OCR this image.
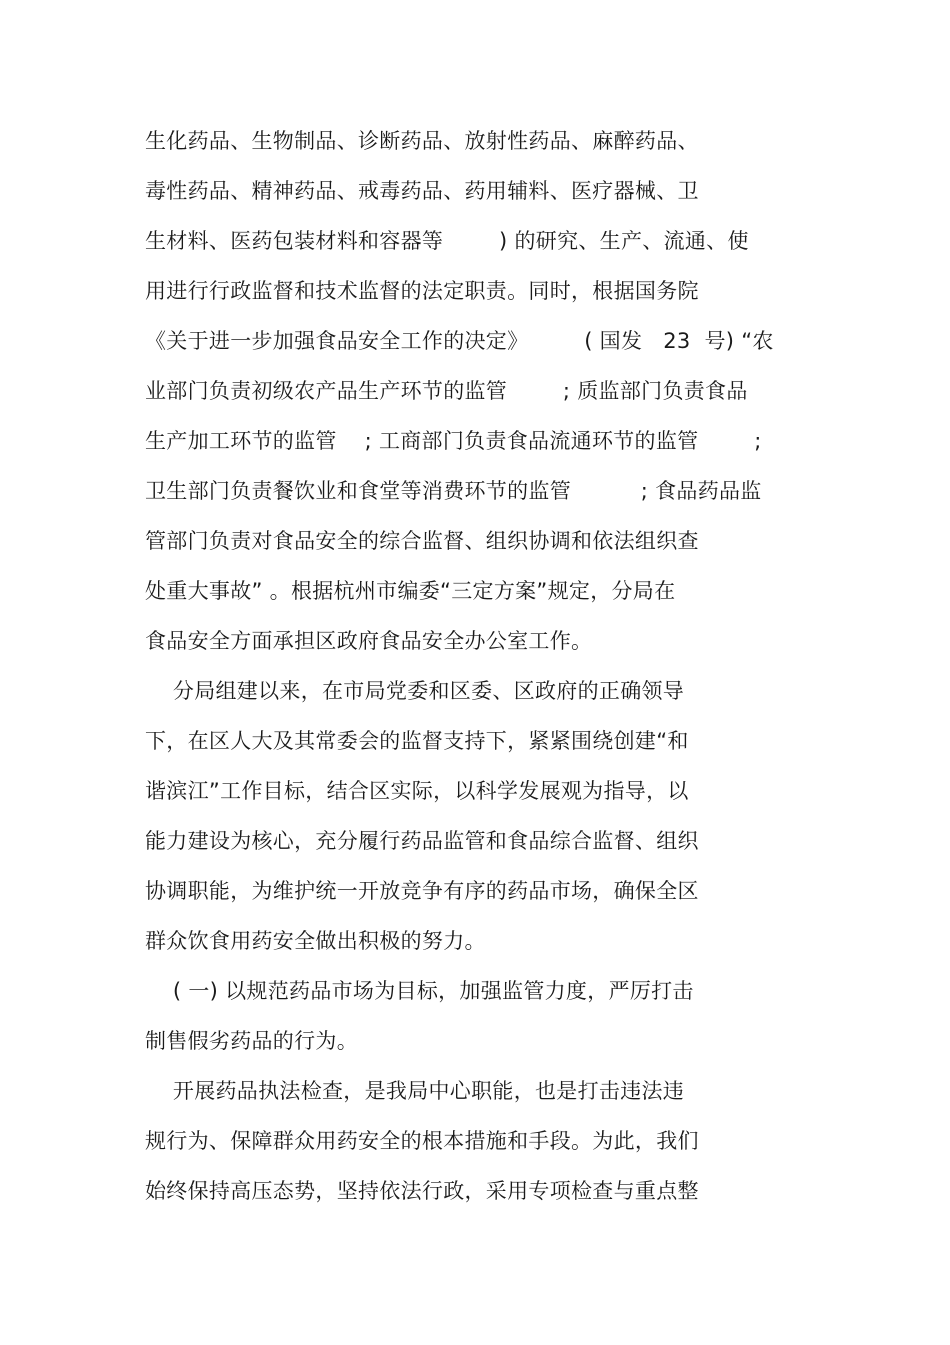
生化药品、生物制品、诊断药品、放射性药品、麻醉药品、
毒性药品、精神药品、戒毒药品、药用辅料、医疗器械、卫
生材料、医药包装材料和容器等        ) 的研究、生产、流通、使
用进行行政监督和技术监督的法定职责。同时，根据国务院
《关于进一步加强食品安全工作的决定》        ( 国发   23  号) “农
业部门负责初级农产品生产环节的监管        ; 质监部门负责食品
生产加工环节的监管    ; 工商部门负责食品流通环节的监管        ;
卫生部门负责餐饮业和食堂等消费环节的监管          ; 食品药品监
管部门负责对食品安全的综合监督、组织协调和依法组织查
处重大事故” 。根据杭州市编委“三定方案”规定，分局在
食品安全方面承担区政府食品安全办公室工作。
分局组建以来，在市局党委和区委、区政府的正确领导
下，在区人大及其常委会的监督支持下，紧紧围绕创建“和
谐滨江”工作目标，结合区实际，以科学发展观为指导，以
能力建设为核心，充分履行药品监管和食品综合监督、组织
协调职能，为维护统一开放竞争有序的药品市场，确保全区
群众饮食用药安全做出积极的努力。
( 一) 以规范药品市场为目标，加强监管力度，严厉打击
制售假劣药品的行为。
开展药品执法检查，是我局中心职能，也是打击违法违
规行为、保障群众用药安全的根本措施和手段。为此，我们
始终保持高压态势，坚持依法行政，采用专项检查与重点整
